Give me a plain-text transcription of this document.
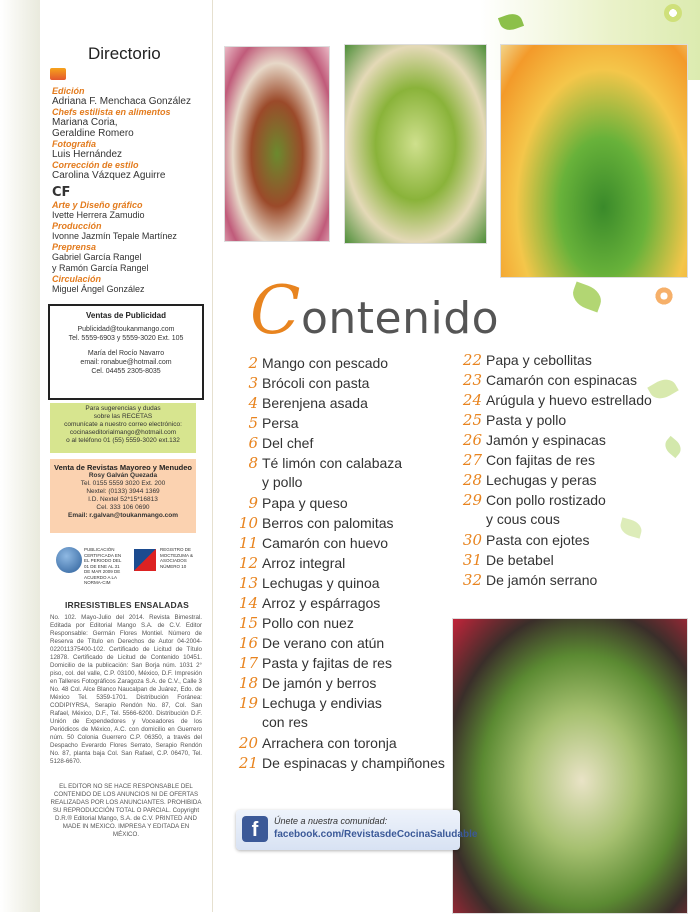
Directorio
Edición
Adriana F. Menchaca González
Chefs estilista en alimentos
Mariana Coria,
Geraldine Romero
Fotografía
Luis Hernández
Corrección de estilo
Carolina Vázquez Aguirre
CF
Arte y Diseño gráfico
Ivette Herrera Zamudio
Producción
Ivonne Jazmín Tepale Martínez
Preprensa
Gabriel García Rangel
y Ramón García Rangel
Circulación
Miguel Ángel González
Ventas de Publicidad
Publicidad@toukanmango.com
Tel. 5559-6903 y 5559-3020 Ext. 105
María del Rocío Navarro
email: ronabue@hotmail.com
Cel. 04455 2305-8035
Para sugerencias y dudas
sobre las RECETAS
comunícate a nuestro correo electrónico:
cocinaseditorialmango@hotmail.com
o al teléfono 01 (55) 5559-3020 ext.132
Venta de Revistas Mayoreo y Menudeo
Rosy Galván Quezada
Tel. 0155 5559 3020 Ext. 200
Nextel: (0133) 3944 1369
I.D. Nextel 52*15*16813
Cel. 333 106 0690
Email: r.galvan@toukanmango.com
PUBLICACIÓN CERTIFICADA EN EL PERIODO DEL 01 DE ENE AL 31 DE MAR 2009 DE ACUERDO A LA NORMA-CIM
REGISTRO DE MOCTEZUMA & ASOCIADOS NÚMERO 10
IRRESISTIBLES ENSALADAS
No. 102. Mayo-Julio del 2014. Revista Bimestral. Editada por Editorial Mango S.A. de C.V. Editor Responsable: Germán Flores Montiel. Número de Reserva de Título en Derechos de Autor 04-2004-022011375400-102. Certificado de Licitud de Título 12878. Certificado de Licitud de Contenido 10451. Domicilio de la publicación: San Borja núm. 1031 2° piso, col. del valle, C.P. 03100, México, D.F. Impresión en Talleres Fotográficos Zaragoza S.A. de C.V., Calle 3 No. 48 Col. Alce Blanco Naucalpan de Juárez, Edo. de México Tel. 5359-1701. Distribución Foránea: CODIPIYRSA, Serapio Rendón No. 87, Col. San Rafael, México, D.F., Tel. 5566-6200. Distribución D.F. Unión de Expendedores y Voceadores de los Periódicos de México, A.C. con domicilio en Guerrero núm. 50 Colonia Guerrero C.P. 06350, a través del Despacho Everardo Flores Serrato, Serapio Rendón No. 87, planta baja Col. San Rafael, C.P. 06470, Tel. 5128-6670.
EL EDITOR NO SE HACE RESPONSABLE DEL CONTENIDO DE LOS ANUNCIOS NI DE OFERTAS REALIZADAS POR LOS ANUNCIANTES. PROHIBIDA SU REPRODUCCIÓN TOTAL O PARCIAL. Copyright D.R.® Editorial Mango, S.A. de C.V. PRINTED AND MADE IN MEXICO. IMPRESA Y EDITADA EN MÉXICO.
Contenido
2 Mango con pescado
3 Brócoli con pasta
4 Berenjena asada
5 Persa
6 Del chef
8 Té limón con calabaza
y pollo
9 Papa y queso
10 Berros con palomitas
11 Camarón con huevo
12 Arroz integral
13 Lechugas y quinoa
14 Arroz y espárragos
15 Pollo con nuez
16 De verano con atún
17 Pasta y fajitas de res
18 De jamón y berros
19 Lechuga y endivias
con res
20 Arrachera con toronja
21 De espinacas y champiñones
22 Papa y cebollitas
23 Camarón con espinacas
24 Arúgula y huevo estrellado
25 Pasta y pollo
26 Jamón y espinacas
27 Con fajitas de res
28 Lechugas y peras
29 Con pollo rostizado
y cous cous
30 Pasta con ejotes
31 De betabel
32 De jamón serrano
f	Únete a nuestra comunidad:
facebook.com/RevistasdeCocinaSaludable
